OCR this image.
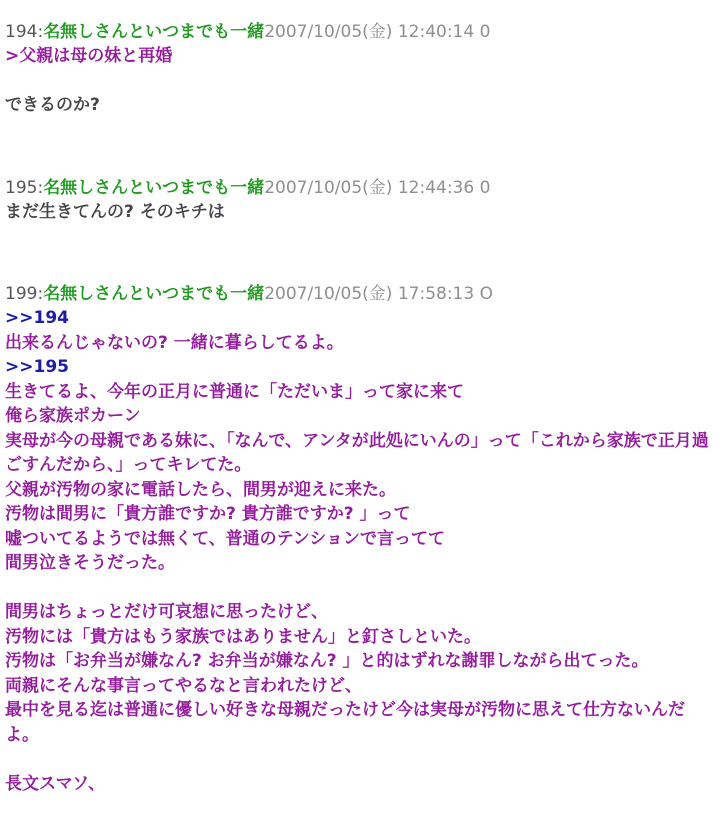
194:名無しさんといつまでも一緒2007/10/05(金) 12:40:14 0
>父親は母の妹と再婚

できるのか?
195:名無しさんといつまでも一緒2007/10/05(金) 12:44:36 0
まだ生きてんの? そのキチは
199:名無しさんといつまでも一緒2007/10/05(金) 17:58:13 O
>>194
出来るんじゃないの? 一緒に暮らしてるよ。
>>195
生きてるよ、今年の正月に普通に「ただいま」って家に来て
俺ら家族ポカーン
実母が今の母親である妹に、「なんで、アンタが此処にいんの」って「これから家族で正月過ごすんだから、」ってキレてた。
父親が汚物の家に電話したら、間男が迎えに来た。
汚物は間男に「貴方誰ですか? 貴方誰ですか? 」って
嘘ついてるようでは無くて、普通のテンションで言ってて
間男泣きそうだった。

間男はちょっとだけ可哀想に思ったけど、
汚物には「貴方はもう家族ではありません」と釘さしといた。
汚物は「お弁当が嫌なん? お弁当が嫌なん? 」と的はずれな謝罪しながら出てった。
両親にそんな事言ってやるなと言われたけど、
最中を見る迄は普通に優しい好きな母親だったけど今は実母が汚物に思えて仕方ないんだよ。

長文スマソ、
